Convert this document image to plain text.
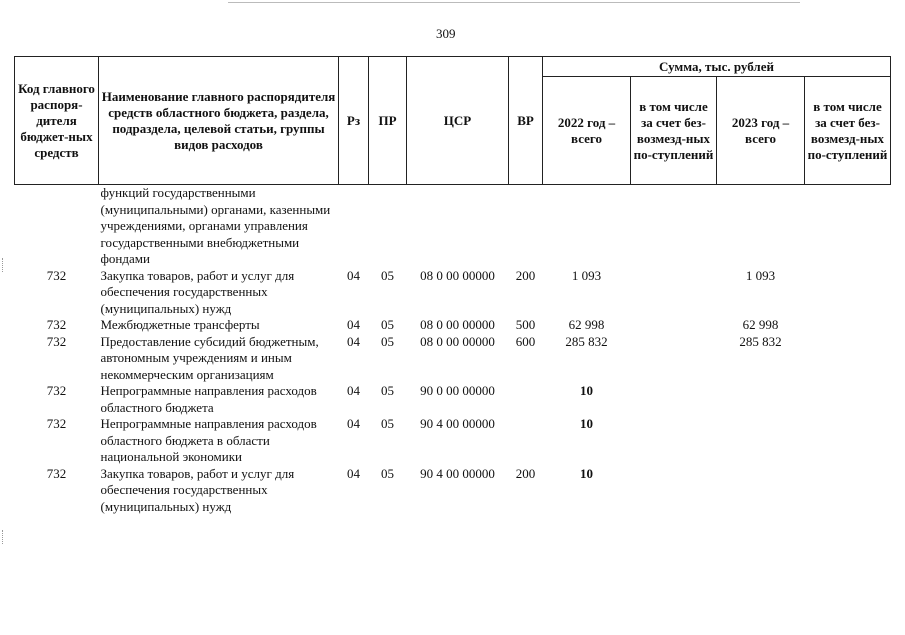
309
Код главного распоря-дителя бюджет-ных средств	Наименование главного распорядителя средств областного бюджета, раздела, подраздела, целевой статьи, группы видов расходов	Рз	ПР	ЦСР	ВР	Сумма, тыс. рублей			
						2022 год – всего	в том числе за счет без-возмезд-ных по-ступлений	2023 год – всего	в том числе за счет без-возмезд-ных по-ступлений
	функций государственными (муниципальными) органами, казенными учреждениями, органами управления государственными внебюджетными фондами								
732	Закупка товаров, работ и услуг для обеспечения государственных (муниципальных) нужд	04	05	08 0 00 00000	200	1 093		1 093	
732	Межбюджетные трансферты	04	05	08 0 00 00000	500	62 998		62 998	
732	Предоставление субсидий бюджетным, автономным учреждениям и иным некоммерческим организациям	04	05	08 0 00 00000	600	285 832		285 832	
732	Непрограммные направления расходов областного бюджета	04	05	90 0 00 00000		10			
732	Непрограммные направления расходов областного бюджета в области национальной экономики	04	05	90 4 00 00000		10			
732	Закупка товаров, работ и услуг для обеспечения государственных (муниципальных) нужд	04	05	90 4 00 00000	200	10			
